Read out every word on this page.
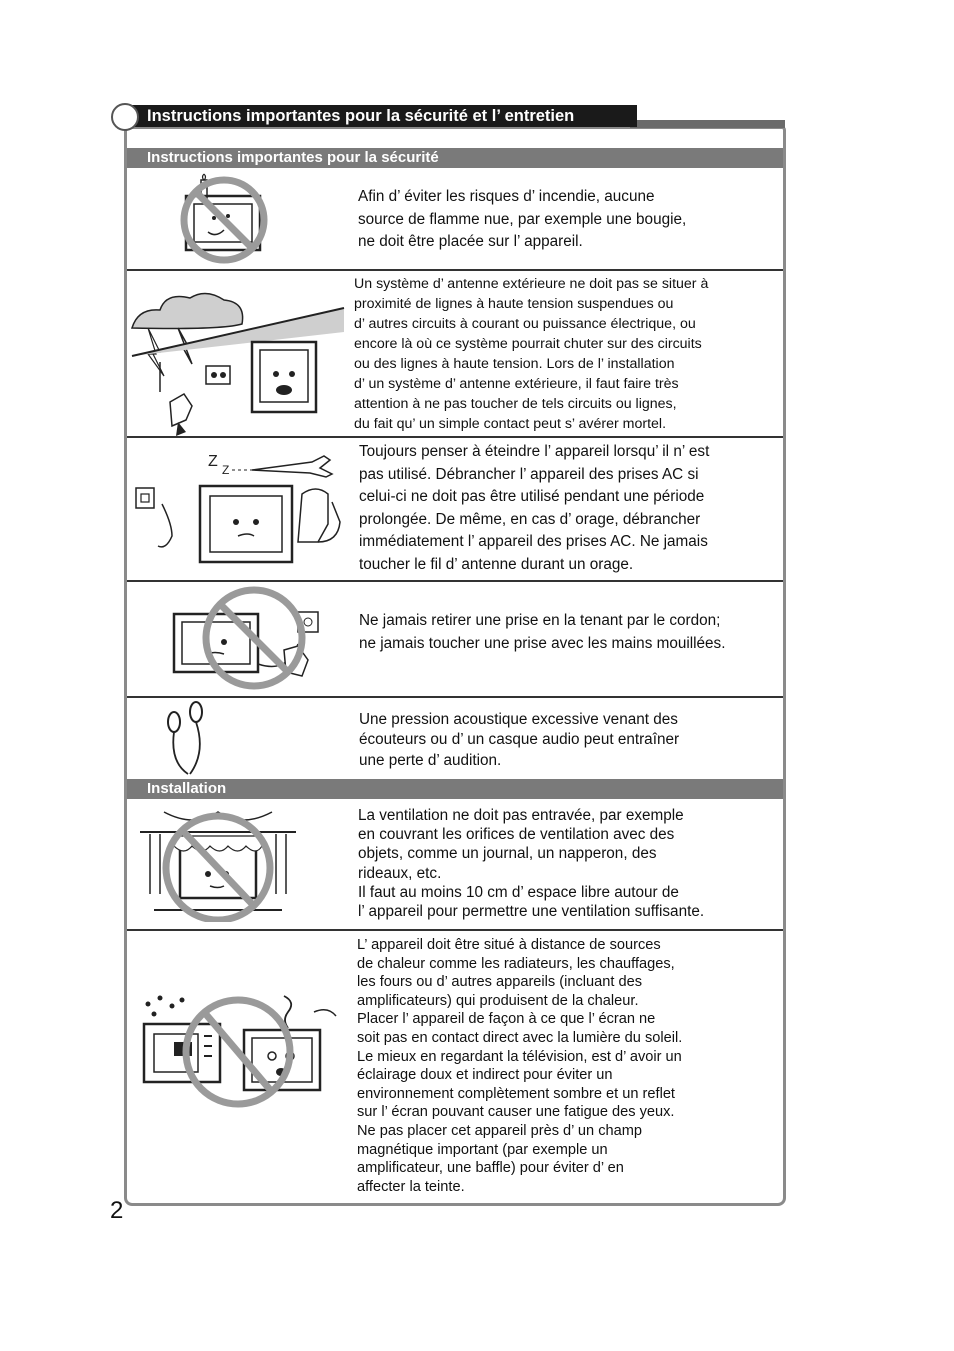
Instructions importantes pour la sécurité et l’ entretien
Instructions importantes pour la sécurité

Afin d’ éviter les risques d’ incendie, aucune

source de flamme nue, par exemple une bougie,

ne doit être placée sur l’ appareil.

Un système d’ antenne extérieure ne doit pas se situer à

proximité de lignes à haute tension suspendues ou

d’ autres circuits à courant ou puissance électrique, ou

encore là où ce système pourrait chuter sur des circuits

ou des lignes à haute tension. Lors de l’ installation

d’ un système d’ antenne extérieure, il faut faire très

attention à ne pas toucher de tels circuits ou lignes,

du fait qu’ un simple contact peut s’ avérer mortel.

Z Z

Toujours penser à éteindre l’ appareil lorsqu’ il n’ est

pas utilisé. Débrancher l’ appareil des prises AC si

celui-ci ne doit pas être utilisé pendant une période

prolongée. De même, en cas d’ orage, débrancher

immédiatement l’ appareil des prises AC. Ne jamais

toucher le fil d’ antenne durant un orage.

Ne jamais retirer une prise en la tenant par le cordon;

ne jamais toucher une prise avec les mains mouillées.

Une pression acoustique excessive venant des

écouteurs ou d’ un casque audio peut entraîner

une perte d’ audition.

Installation

La ventilation ne doit pas entravée, par exemple

en couvrant les orifices de ventilation avec des

objets, comme un journal, un napperon, des

rideaux, etc.

Il faut au moins 10 cm d’ espace libre autour de

l’ appareil pour permettre une ventilation suffisante.

L’ appareil doit être situé à distance de sources

de chaleur comme les radiateurs, les chauffages,

les fours ou d’ autres appareils (incluant des

amplificateurs) qui produisent de la chaleur.

Placer l’ appareil de façon à ce que l’ écran ne

soit pas en contact direct avec la lumière du soleil.

Le mieux en regardant la télévision, est d’ avoir un

éclairage doux et indirect pour éviter un

environnement complètement sombre et un reflet

sur l’ écran pouvant causer une fatigue des yeux.

Ne pas placer cet appareil près d’ un champ

magnétique important (par exemple un

amplificateur, une baffle) pour éviter d’ en

affecter la teinte.

2
